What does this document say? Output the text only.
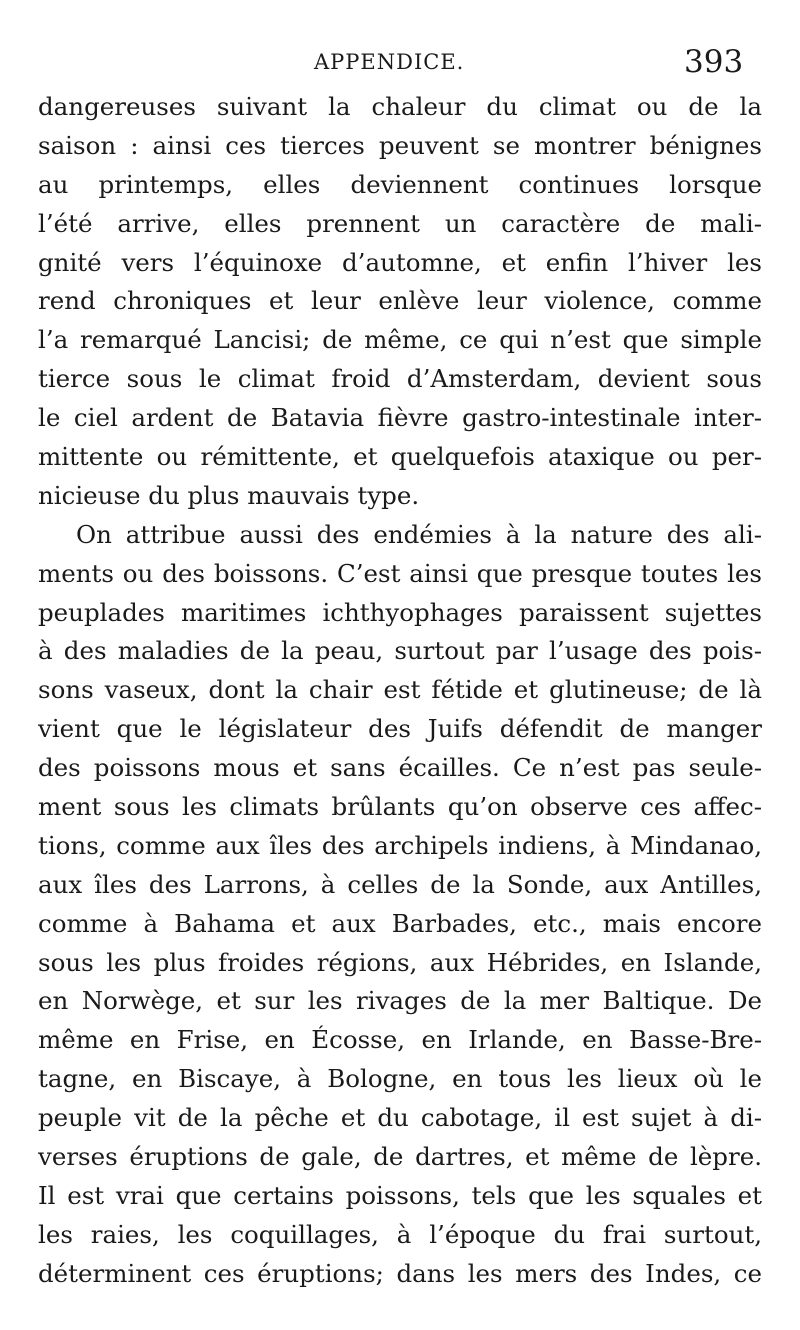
APPENDICE.	393
dangereuses suivant la chaleur du climat ou de la
saison : ainsi ces tierces peuvent se montrer bénignes
au printemps, elles deviennent continues lorsque
l’été arrive, elles prennent un caractère de mali-
gnité vers l’équinoxe d’automne, et enfin l’hiver les
rend chroniques et leur enlève leur violence, comme
l’a remarqué Lancisi; de même, ce qui n’est que simple
tierce sous le climat froid d’Amsterdam, devient sous
le ciel ardent de Batavia fièvre gastro-intestinale inter-
mittente ou rémittente, et quelquefois ataxique ou per-
nicieuse du plus mauvais type.
On attribue aussi des endémies à la nature des ali-
ments ou des boissons. C’est ainsi que presque toutes les
peuplades maritimes ichthyophages paraissent sujettes
à des maladies de la peau, surtout par l’usage des pois-
sons vaseux, dont la chair est fétide et glutineuse; de là
vient que le législateur des Juifs défendit de manger
des poissons mous et sans écailles. Ce n’est pas seule-
ment sous les climats brûlants qu’on observe ces affec-
tions, comme aux îles des archipels indiens, à Mindanao,
aux îles des Larrons, à celles de la Sonde, aux Antilles,
comme à Bahama et aux Barbades, etc., mais encore
sous les plus froides régions, aux Hébrides, en Islande,
en Norwège, et sur les rivages de la mer Baltique. De
même en Frise, en Écosse, en Irlande, en Basse-Bre-
tagne, en Biscaye, à Bologne, en tous les lieux où le
peuple vit de la pêche et du cabotage, il est sujet à di-
verses éruptions de gale, de dartres, et même de lèpre.
Il est vrai que certains poissons, tels que les squales et
les raies, les coquillages, à l’époque du frai surtout,
déterminent ces éruptions; dans les mers des Indes, ce
